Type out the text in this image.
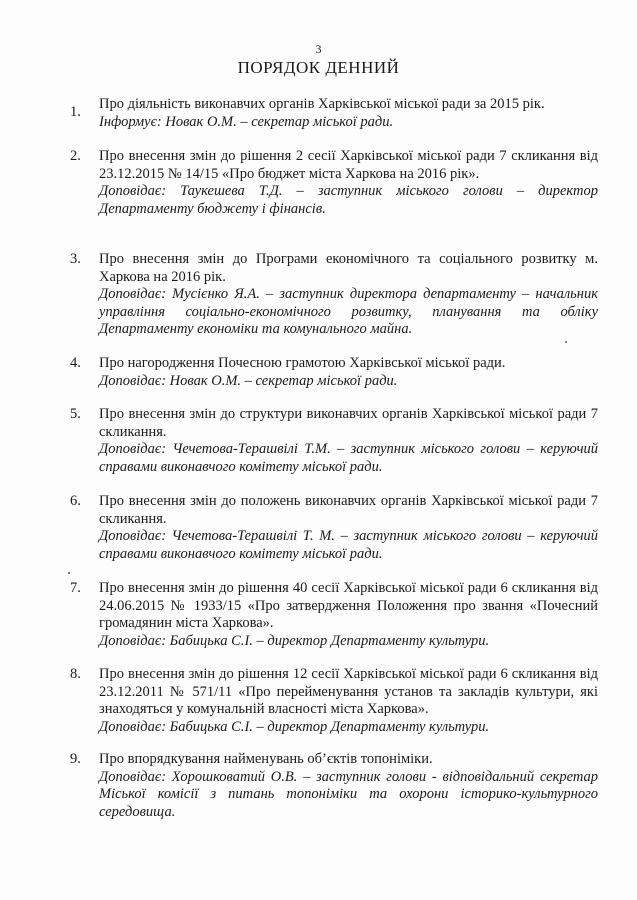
3
ПОРЯДОК ДЕННИЙ
1.	Про діяльність виконавчих органів Харківської міської ради за 2015 рік.

Інформує: Новак О.М. – секретар міської ради.

2.	Про внесення змін до рішення 2 сесії Харківської міської ради 7 скликання від 23.12.2015 № 14/15 «Про бюджет міста Харкова на 2016 рік».

Доповідає: Таукешева Т.Д. – заступник міського голови – директор Департаменту бюджету і фінансів.

3.	Про внесення змін до Програми економічного та соціального розвитку м. Харкова на 2016 рік.

Доповідає: Мусієнко Я.А. – заступник директора департаменту – начальник управління соціально-економічного розвитку, планування та обліку Департаменту економіки та комунального майна.

4.	Про нагородження Почесною грамотою Харківської міської ради.

Доповідає: Новак О.М. – секретар міської ради.

5.	Про внесення змін до структури виконавчих органів Харківської міської ради 7 скликання.

Доповідає: Чечетова-Терашвілі Т.М. – заступник міського голови – керуючий справами виконавчого комітету міської ради.

6.	Про внесення змін до положень виконавчих органів Харківської міської ради 7 скликання.

Доповідає: Чечетова-Терашвілі Т. М. – заступник міського голови – керуючий справами виконавчого комітету міської ради.

7.	Про внесення змін до рішення 40 сесії Харківської міської ради 6 скликання від 24.06.2015 № 1933/15 «Про затвердження Положення про звання «Почесний громадянин міста Харкова».

Доповідає: Бабицька С.І. – директор Департаменту культури.

8.	Про внесення змін до рішення 12 сесії Харківської міської ради 6 скликання від 23.12.2011 № 571/11 «Про перейменування установ та закладів культури, які знаходяться у комунальній власності міста Харкова».

Доповідає: Бабицька С.І. – директор Департаменту культури.

9.	Про впорядкування найменувань об’єктів топоніміки.

Доповідає: Хорошковатий О.В. – заступник голови - відповідальний секретар Міської комісії з питань топоніміки та охорони історико-культурного середовища.
